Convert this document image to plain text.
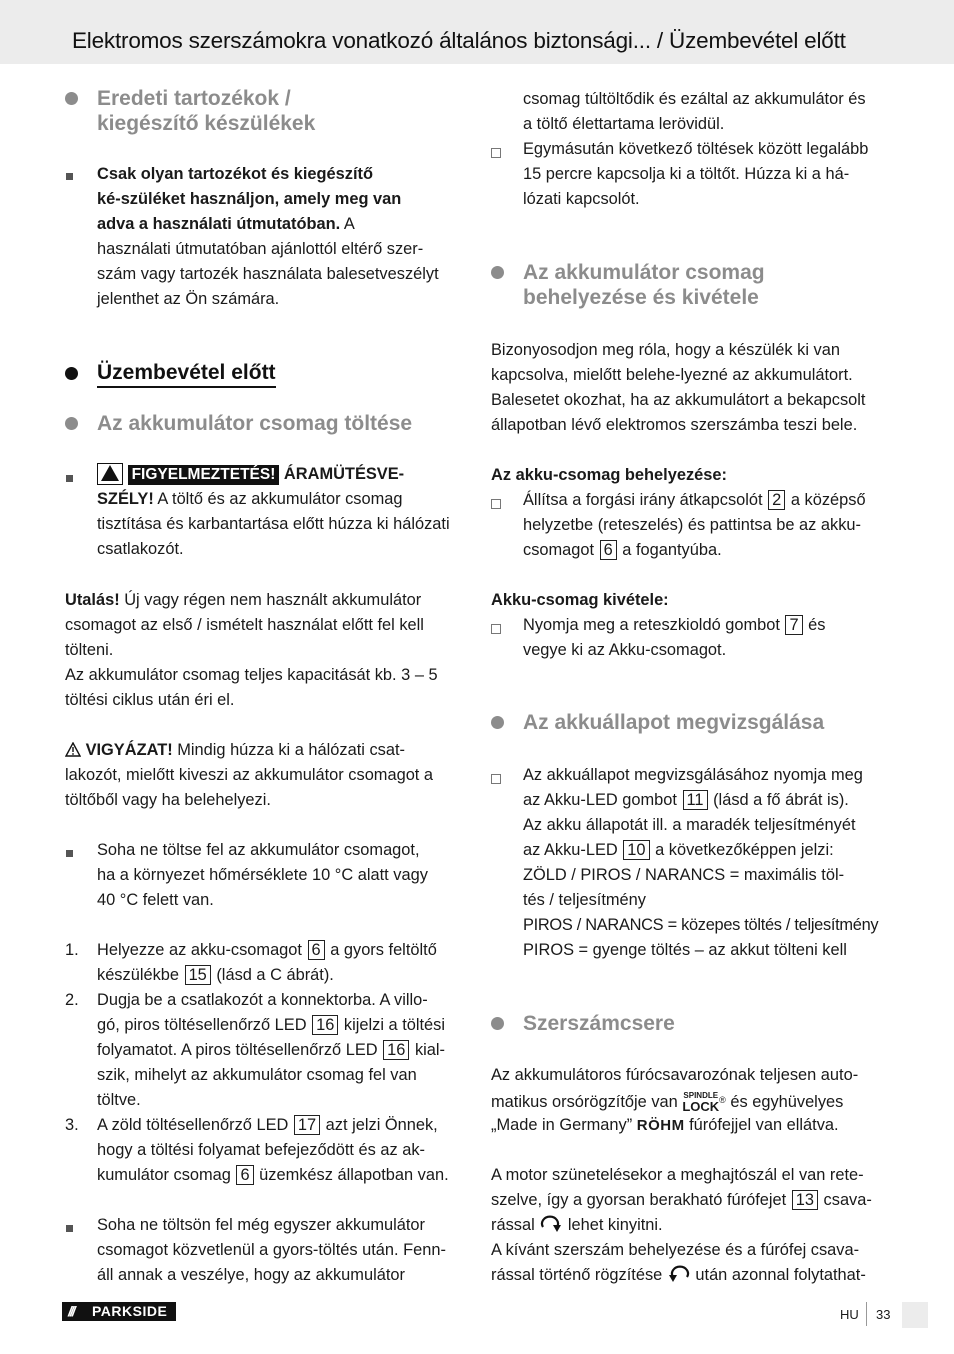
Elektromos szerszámokra vonatkozó általános biztonsági... / Üzembevétel előtt
Eredeti tartozékok /
kiegészítő készülékek
Csak olyan tartozékot és kiegészítő
ké-szüléket használjon, amely meg van
adva a használati útmutatóban. A
használati útmutatóban ajánlottól eltérő szer-
szám vagy tartozék használata balesetveszélyt
jelenthet az Ön számára.
Üzembevétel előtt
Az akkumulátor csomag töltése
FIGYELMEZTETÉS! ÁRAMÜTÉSVE-
SZÉLY! A töltő és az akkumulátor csomag
tisztítása és karbantartása előtt húzza ki hálózati
csatlakozót.
Utalás! Új vagy régen nem használt akkumulátor
csomagot az első / ismételt használat előtt fel kell
tölteni.
Az akkumulátor csomag teljes kapacitását kb. 3 – 5
töltési ciklus után éri el.
VIGYÁZAT! Mindig húzza ki a hálózati csat-
lakozót, mielőtt kiveszi az akkumulátor csomagot a
töltőből vagy ha belehelyezi.
Soha ne töltse fel az akkumulátor csomagot,
ha a környezet hőmérséklete 10 °C alatt vagy
40 °C felett van.
1. Helyezze az akku-csomagot 6 a gyors feltöltő
készülékbe 15 (lásd a C ábrát).
2. Dugja be a csatlakozót a konnektorba. A villo-
gó, piros töltésellenőrző LED 16 kijelzi a töltési
folyamatot. A piros töltésellenőrző LED 16 kial-
szik, mihelyt az akkumulátor csomag fel van
töltve.
3. A zöld töltésellenőrző LED 17 azt jelzi Önnek,
hogy a töltési folyamat befejeződött és az ak-
kumulátor csomag 6 üzemkész állapotban van.
Soha ne töltsön fel még egyszer akkumulátor
csomagot közvetlenül a gyors-töltés után. Fenn-
áll annak a veszélye, hogy az akkumulátor
csomag túltöltődik és ezáltal az akkumulátor és
a töltő élettartama lerövidül.
Egymásután következő töltések között legalább
15 percre kapcsolja ki a töltőt. Húzza ki a há-
lózati kapcsolót.
Az akkumulátor csomag
behelyezése és kivétele
Bizonyosodjon meg róla, hogy a készülék ki van
kapcsolva, mielőtt belehe-lyezné az akkumulátort.
Balesetet okozhat, ha az akkumulátort a bekapcsolt
állapotban lévő elektromos szerszámba teszi bele.
Az akku-csomag behelyezése:
Állítsa a forgási irány átkapcsolót 2 a középső
helyzetbe (reteszelés) és pattintsa be az akku-
csomagot 6 a fogantyúba.
Akku-csomag kivétele:
Nyomja meg a reteszkioldó gombot 7 és
vegye ki az Akku-csomagot.
Az akkuállapot megvizsgálása
Az akkuállapot megvizsgálásához nyomja meg
az Akku-LED gombot 11 (lásd a fő ábrát is).
Az akku állapotát ill. a maradék teljesítményét
az Akku-LED 10 a következőképpen jelzi:
ZÖLD / PIROS / NARANCS = maximális töl-
tés / teljesítmény
PIROS / NARANCS = közepes töltés / teljesítmény
PIROS = gyenge töltés – az akkut tölteni kell
Szerszámcsere
Az akkumulátoros fúrócsavarozónak teljesen auto-
matikus orsórögzítője van SPINDLE
LOCK ® és egyhüvelyes
„Made in Germany” RÖHM fúrófejjel van ellátva.
A motor szünetelésekor a meghajtószál el van rete-
szelve, így a gyorsan berakható fúrófejet 13 csava-
rással  lehet kinyitni.
A kívánt szerszám behelyezése és a fúrófej csava-
rással történő rögzítése  után azonnal folytathat-
/// PARKSIDE	HU 33
